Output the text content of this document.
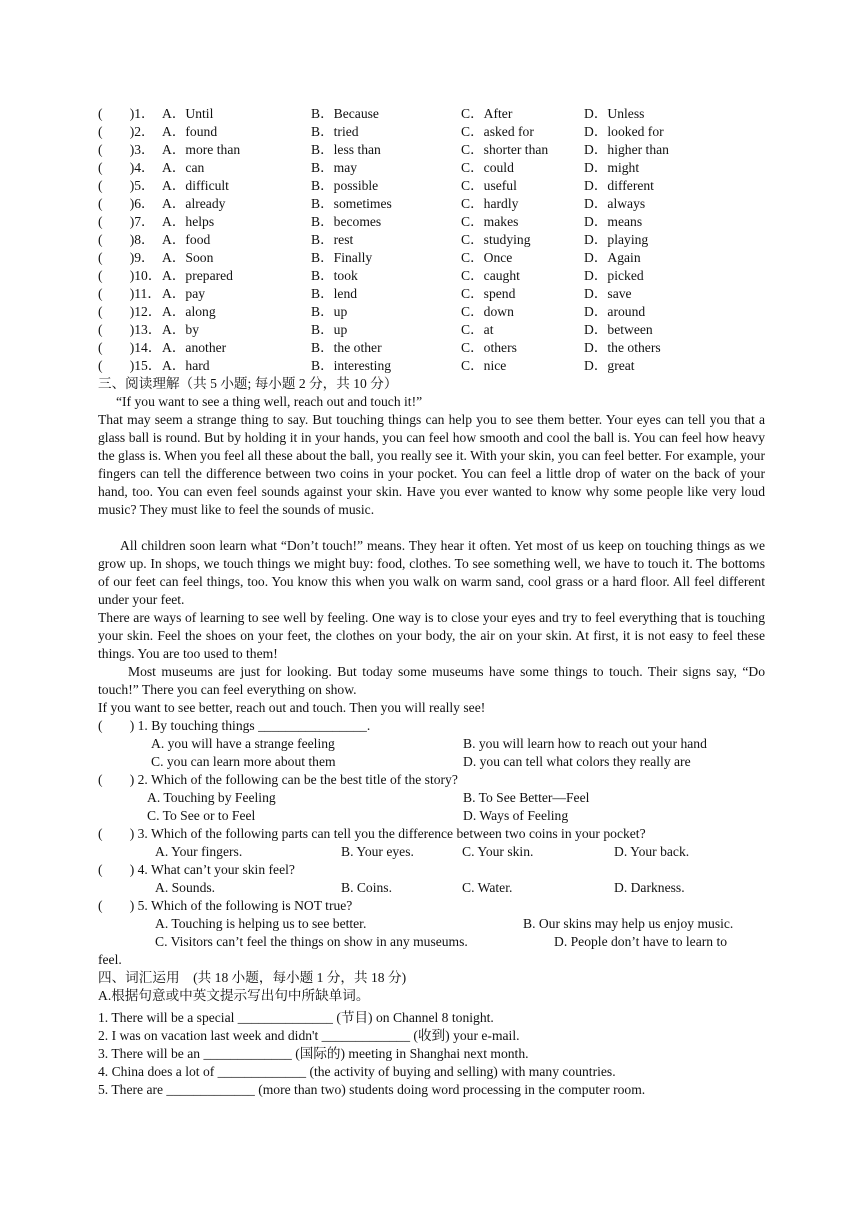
(　　)1． A．Until	B．Because	C．After	D．Unless
(　　)2． A．found	B．tried	C．asked for	D．looked for
(　　)3． A．more than	B．less than	C．shorter than	D．higher than
(　　)4． A．can	B．may	C．could	D．might
(　　)5． A．difficult	B．possible	C．useful	D．different
(　　)6． A．already	B．sometimes	C．hardly	D．always
(　　)7． A．helps	B．becomes	C．makes	D．means
(　　)8． A．food	B．rest	C．studying	D．playing
(　　)9． A．Soon	B．Finally	C．Once	D．Again
(　　)10． A．prepared	B．took	C．caught	D．picked
(　　)11． A．pay	B．lend	C．spend	D．save
(　　)12． A．along	B．up	C．down	D．around
(　　)13． A．by	B．up	C．at	D．between
(　　)14． A．another	B．the other	C．others	D．the others
(　　)15． A．hard	B．interesting	C．nice	D．great
三、阅读理解（共 5 小题; 每小题 2 分，共 10 分）
“If you want to see a thing well, reach out and touch it!”
That may seem a strange thing to say. But touching things can help you to see them better. Your eyes can tell you that a glass ball is round. But by holding it in your hands, you can feel how smooth and cool the ball is. You can feel how heavy the glass is. When you feel all these about the ball, you really see it. With your skin, you can feel better. For example, your fingers can tell the difference between two coins in your pocket. You can feel a little drop of water on the back of your hand, too. You can even feel sounds against your skin. Have you ever wanted to know why some people like very loud music? They must like to feel the sounds of music.
All children soon learn what “Don’t touch!” means. They hear it often. Yet most of us keep on touching things as we grow up. In shops, we touch things we might buy: food, clothes. To see something well, we have to touch it. The bottoms of our feet can feel things, too. You know this when you walk on warm sand, cool grass or a hard floor. All feel different under your feet.
There are ways of learning to see well by feeling. One way is to close your eyes and try to feel everything that is touching your skin. Feel the shoes on your feet, the clothes on your body, the air on your skin. At first, it is not easy to feel these things. You are too used to them!
Most museums are just for looking. But today some museums have some things to touch. Their signs say, “Do touch!” There you can feel everything on show.
If you want to see better, reach out and touch. Then you will really see!
(　　) 1. By touching things ________________.
A. you will have a strange feeling	B. you will learn how to reach out your hand
C. you can learn more about them	D. you can tell what colors they really are
(　　) 2. Which of the following can be the best title of the story?
A. Touching by Feeling	B. To See Better—Feel
C. To See or to Feel	D. Ways of Feeling
(　　) 3. Which of the following parts can tell you the difference between two coins in your pocket?
A. Your fingers.	B. Your eyes.	C. Your skin.	D. Your back.
(　　) 4. What can’t your skin feel?
A. Sounds.	B. Coins.	C. Water.	D. Darkness.
(　　) 5. Which of the following is NOT true?
A. Touching is helping us to see better.	B. Our skins may help us enjoy music.
C. Visitors can’t feel the things on show in any museums.	D. People don’t have to learn to
feel.
四、词汇运用　(共 18 小题，每小题 1 分，共 18 分)
A.根据句意或中英文提示写出句中所缺单词。
1. There will be a special ______________ (节目) on Channel 8 tonight.
2. I was on vacation last week and didn't _____________ (收到) your e-mail.
3. There will be an _____________ (国际的) meeting in Shanghai next month.
4. China does a lot of _____________ (the activity of buying and selling) with many countries.
5. There are _____________ (more than two) students doing word processing in the computer room.
